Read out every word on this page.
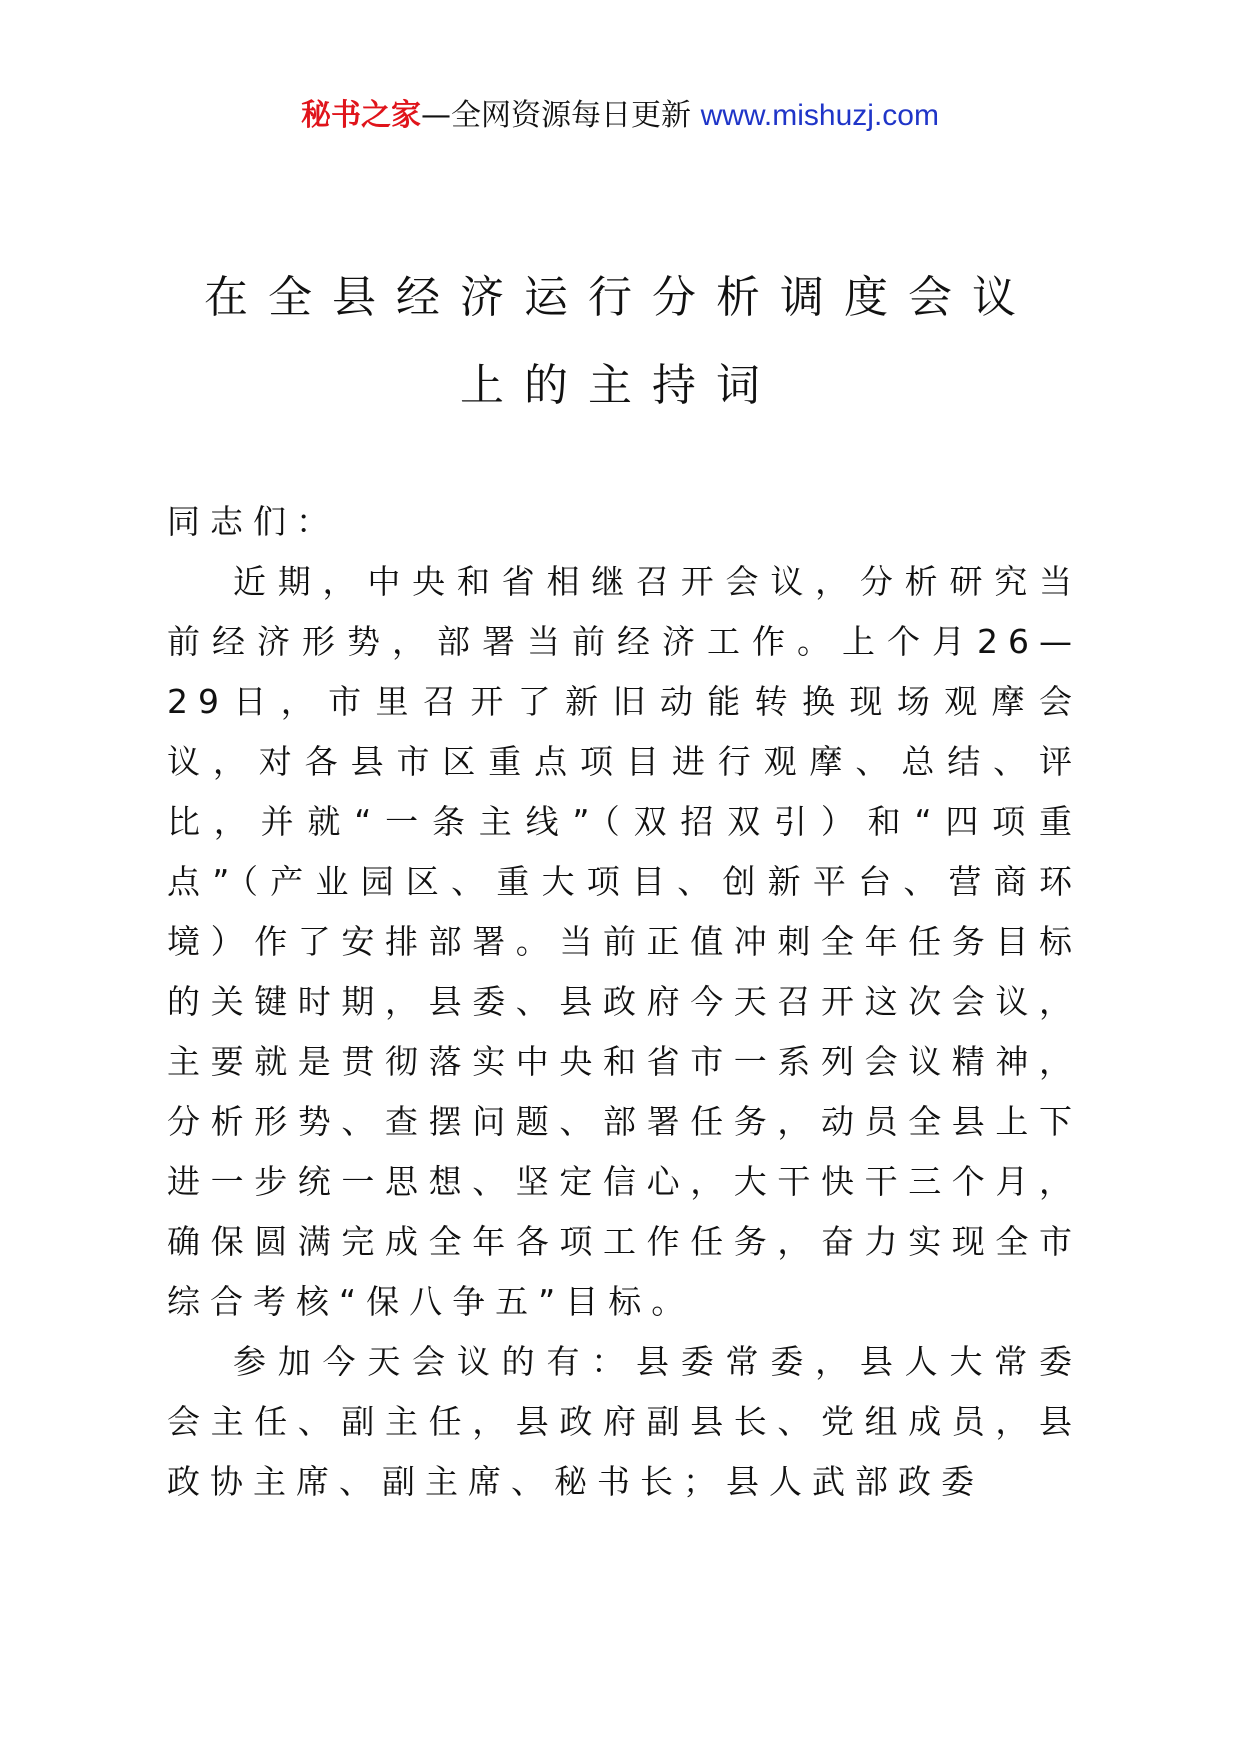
秘书之家—全网资源每日更新 www.mishuzj.com
在全县经济运行分析调度会议
上的主持词

同志们：

近期，中央和省相继召开会议，分析研究当前经济形势，部署当前经济工作。上个月26—29日，市里召开了新旧动能转换现场观摩会议，对各县市区重点项目进行观摩、总结、评比，并就“一条主线”（双招双引）和“四项重点”（产业园区、重大项目、创新平台、营商环境）作了安排部署。当前正值冲刺全年任务目标的关键时期，县委、县政府今天召开这次会议，主要就是贯彻落实中央和省市一系列会议精神，分析形势、查摆问题、部署任务，动员全县上下进一步统一思想、坚定信心，大干快干三个月，确保圆满完成全年各项工作任务，奋力实现全市综合考核“保八争五”目标。

参加今天会议的有：县委常委，县人大常委会主任、副主任，县政府副县长、党组成员，县政协主席、副主席、秘书长；县人武部政委
